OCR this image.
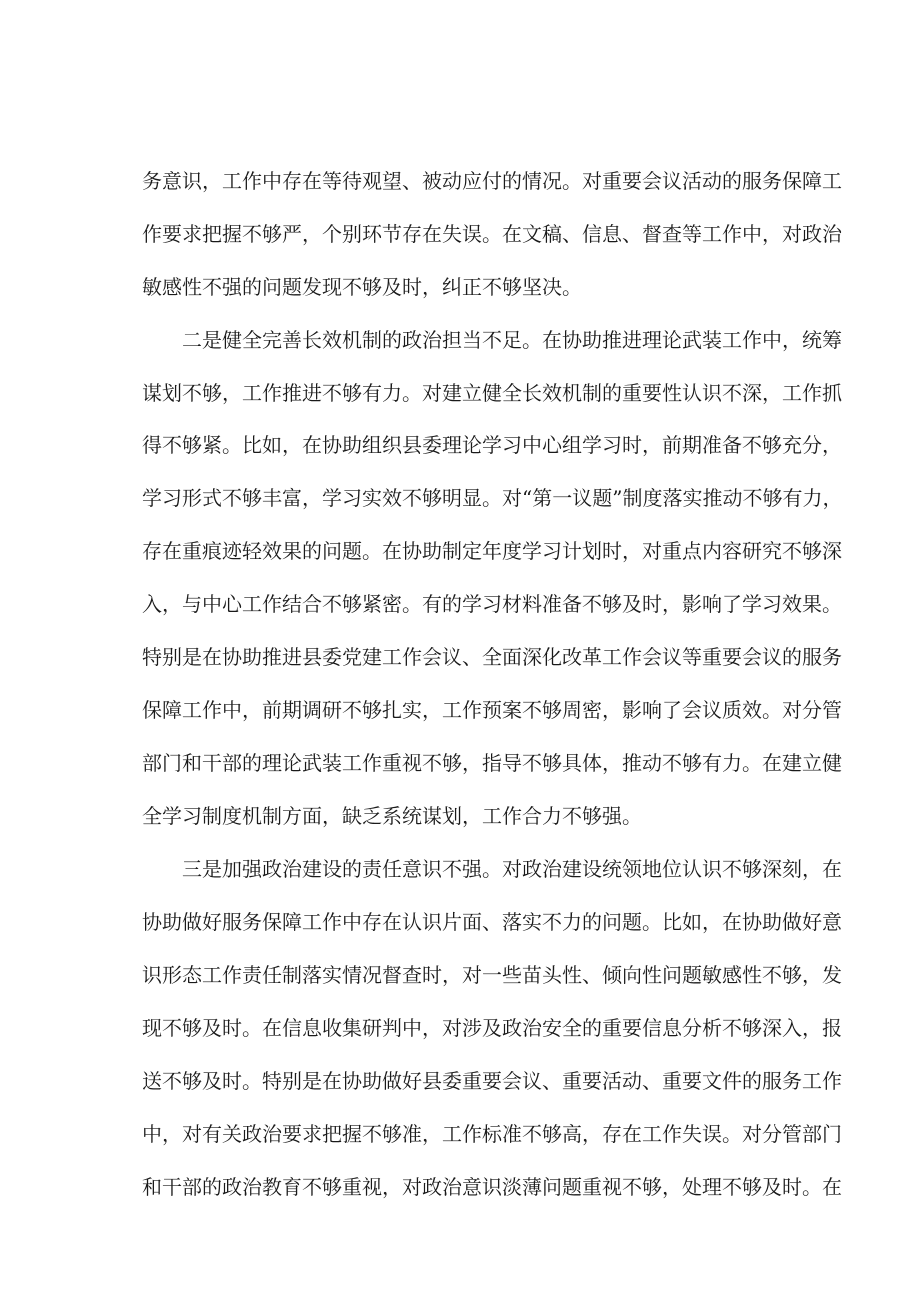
务意识，工作中存在等待观望、被动应付的情况。对重要会议活动的服务保障工
作要求把握不够严，个别环节存在失误。在文稿、信息、督查等工作中，对政治
敏感性不强的问题发现不够及时，纠正不够坚决。
二是健全完善长效机制的政治担当不足。在协助推进理论武装工作中，统筹
谋划不够，工作推进不够有力。对建立健全长效机制的重要性认识不深，工作抓
得不够紧。比如，在协助组织县委理论学习中心组学习时，前期准备不够充分，
学习形式不够丰富，学习实效不够明显。对“第一议题”制度落实推动不够有力，
存在重痕迹轻效果的问题。在协助制定年度学习计划时，对重点内容研究不够深
入，与中心工作结合不够紧密。有的学习材料准备不够及时，影响了学习效果。
特别是在协助推进县委党建工作会议、全面深化改革工作会议等重要会议的服务
保障工作中，前期调研不够扎实，工作预案不够周密，影响了会议质效。对分管
部门和干部的理论武装工作重视不够，指导不够具体，推动不够有力。在建立健
全学习制度机制方面，缺乏系统谋划，工作合力不够强。
三是加强政治建设的责任意识不强。对政治建设统领地位认识不够深刻，在
协助做好服务保障工作中存在认识片面、落实不力的问题。比如，在协助做好意
识形态工作责任制落实情况督查时，对一些苗头性、倾向性问题敏感性不够，发
现不够及时。在信息收集研判中，对涉及政治安全的重要信息分析不够深入，报
送不够及时。特别是在协助做好县委重要会议、重要活动、重要文件的服务工作
中，对有关政治要求把握不够准，工作标准不够高，存在工作失误。对分管部门
和干部的政治教育不够重视，对政治意识淡薄问题重视不够，处理不够及时。在
